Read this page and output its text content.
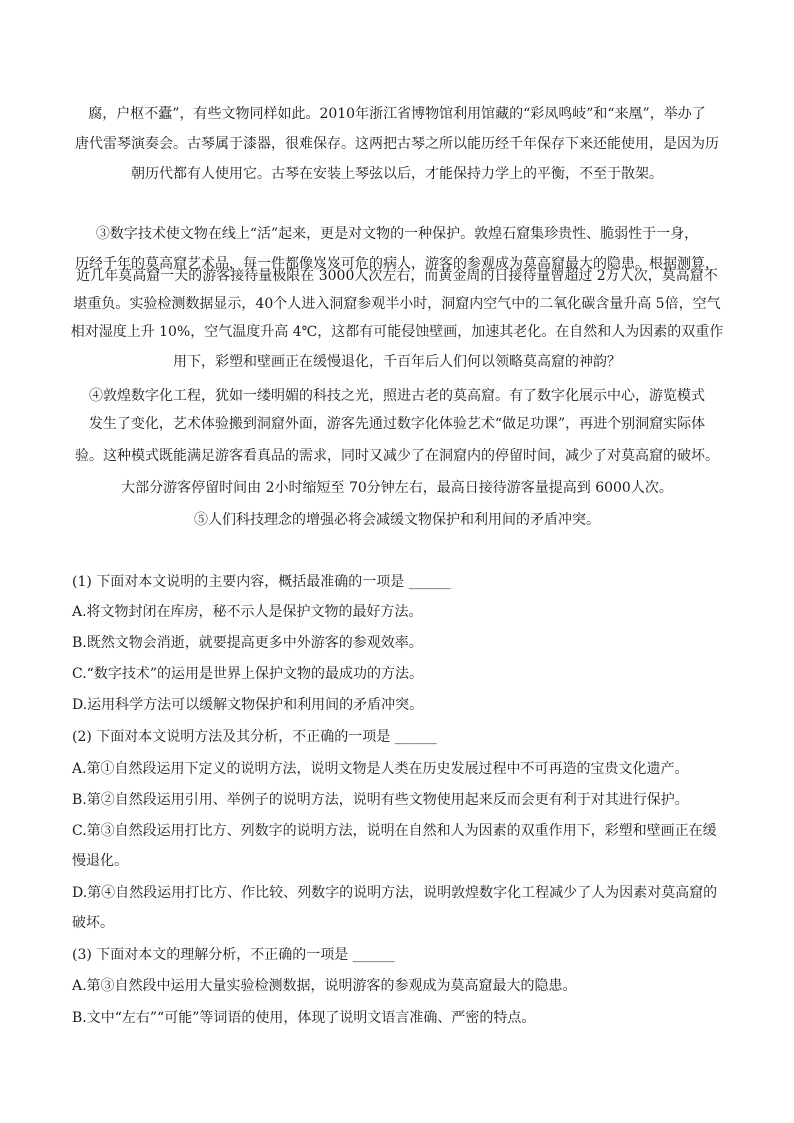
腐，户枢不蠹”，有些文物同样如此。2010年浙江省博物馆利用馆藏的“彩凤鸣岐”和“来凰”，举办了
唐代雷琴演奏会。古琴属于漆器，很难保存。这两把古琴之所以能历经千年保存下来还能使用，是因为历
朝历代都有人使用它。古琴在安装上琴弦以后，才能保持力学上的平衡，不至于散架。
③数字技术使文物在线上“活”起来，更是对文物的一种保护。敦煌石窟集珍贵性、脆弱性于一身，
历经千年的莫高窟艺术品，每一件都像岌岌可危的病人，游客的参观成为莫高窟最大的隐患。根据测算，
近几年莫高窟一天的游客接待量极限在 3000人次左右，而黄金周的日接待量曾超过 2万人次，莫高窟不
堪重负。实验检测数据显示，40个人进入洞窟参观半小时，洞窟内空气中的二氧化碳含量升高 5倍，空气
相对湿度上升 10%，空气温度升高 4℃，这都有可能侵蚀壁画，加速其老化。在自然和人为因素的双重作
用下，彩塑和壁画正在缓慢退化，千百年后人们何以领略莫高窟的神韵？
④敦煌数字化工程，犹如一缕明媚的科技之光，照进古老的莫高窟。有了数字化展示中心，游览模式
发生了变化，艺术体验搬到洞窟外面，游客先通过数字化体验艺术“做足功课”，再进个别洞窟实际体
验。这种模式既能满足游客看真品的需求，同时又减少了在洞窟内的停留时间，减少了对莫高窟的破坏。
大部分游客停留时间由 2小时缩短至 70分钟左右，最高日接待游客量提高到 6000人次。
⑤人们科技理念的增强必将会减缓文物保护和利用间的矛盾冲突。
(1) 下面对本文说明的主要内容，概括最准确的一项是 ______
A.将文物封闭在库房，秘不示人是保护文物的最好方法。
B.既然文物会消逝，就要提高更多中外游客的参观效率。
C.“数字技术”的运用是世界上保护文物的最成功的方法。
D.运用科学方法可以缓解文物保护和利用间的矛盾冲突。
(2) 下面对本文说明方法及其分析，不正确的一项是 ______
A.第①自然段运用下定义的说明方法，说明文物是人类在历史发展过程中不可再造的宝贵文化遗产。
B.第②自然段运用引用、举例子的说明方法，说明有些文物使用起来反而会更有利于对其进行保护。
C.第③自然段运用打比方、列数字的说明方法，说明在自然和人为因素的双重作用下，彩塑和壁画正在缓
慢退化。
D.第④自然段运用打比方、作比较、列数字的说明方法，说明敦煌数字化工程减少了人为因素对莫高窟的
破坏。
(3) 下面对本文的理解分析，不正确的一项是 ______
A.第③自然段中运用大量实验检测数据，说明游客的参观成为莫高窟最大的隐患。
B.文中“左右”“可能”等词语的使用，体现了说明文语言准确、严密的特点。
